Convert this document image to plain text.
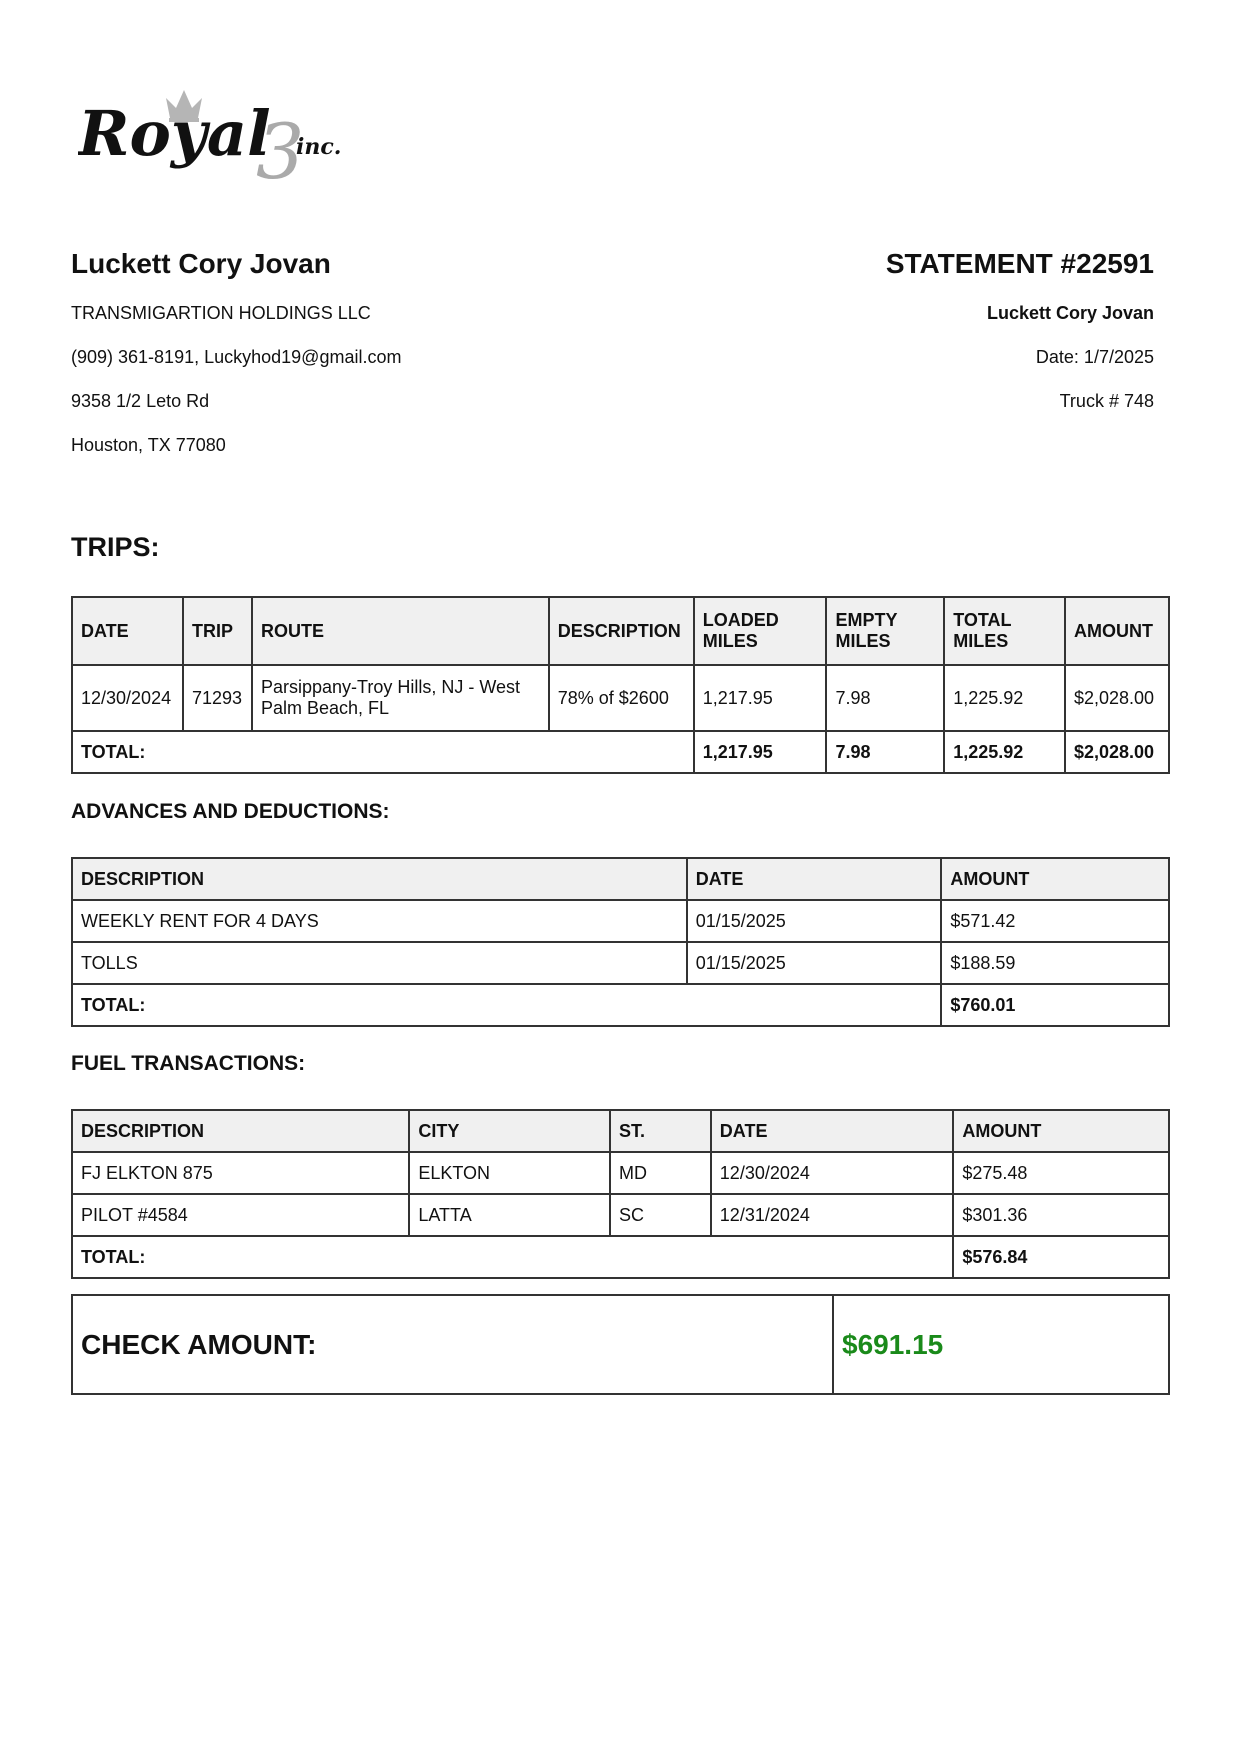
Royal
3
inc.
Luckett Cory Jovan
TRANSMIGARTION HOLDINGS LLC
(909) 361-8191, Luckyhod19@gmail.com
9358 1/2 Leto Rd
Houston, TX 77080
STATEMENT #22591
Luckett Cory Jovan
Date: 1/7/2025
Truck # 748
TRIPS:
DATE	TRIP	ROUTE	DESCRIPTION	LOADED MILES	EMPTY MILES	TOTAL MILES	AMOUNT
12/30/2024	71293	Parsippany-Troy Hills, NJ - West Palm Beach, FL	78% of $2600	1,217.95	7.98	1,225.92	$2,028.00
TOTAL:				1,217.95	7.98	1,225.92	$2,028.00
ADVANCES AND DEDUCTIONS:
DESCRIPTION	DATE	AMOUNT
WEEKLY RENT FOR 4 DAYS	01/15/2025	$571.42
TOLLS	01/15/2025	$188.59
TOTAL:		$760.01
FUEL TRANSACTIONS:
DESCRIPTION	CITY	ST.	DATE	AMOUNT
FJ ELKTON 875	ELKTON	MD	12/30/2024	$275.48
PILOT #4584	LATTA	SC	12/31/2024	$301.36
TOTAL:				$576.84
CHECK AMOUNT:	$691.15
